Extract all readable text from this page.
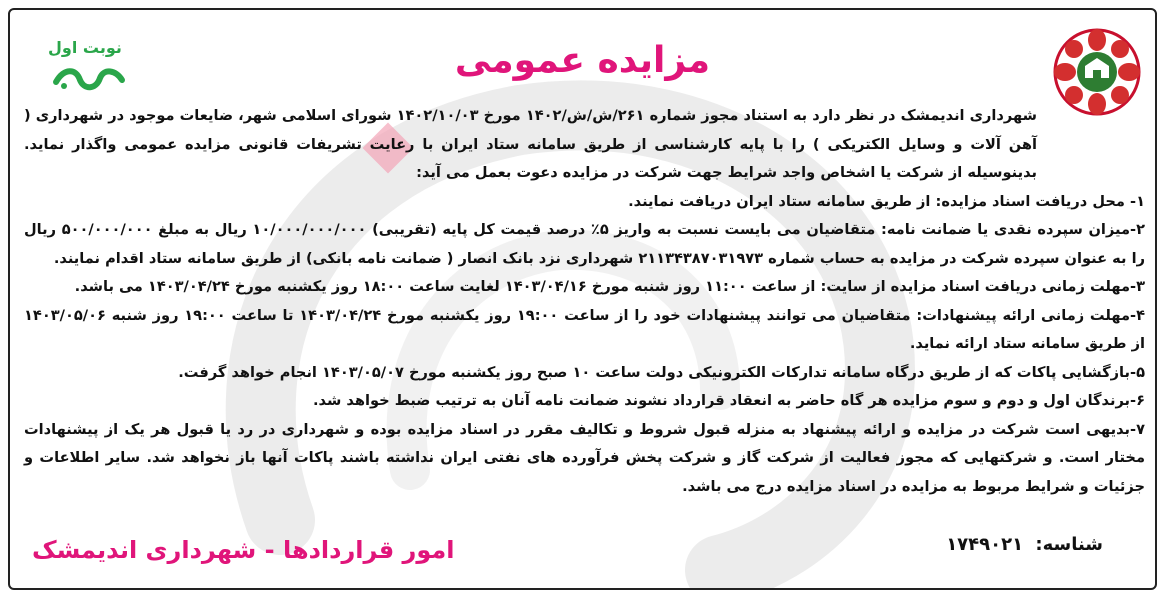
نوبت اول	مزایده عمومی

شهرداری اندیمشک در نظر دارد به استناد مجوز شماره ۲۶۱/ش/ش/۱۴۰۲ مورخ ۱۴۰۲/۱۰/۰۳ شورای اسلامی شهر، ضایعات موجود در شهرداری ( آهن آلات و وسایل الکتریکی ) را با پایه کارشناسی از طریق سامانه ستاد ایران با رعایت تشریفات قانونی مزایده عمومی واگذار نماید. بدینوسیله از شرکت یا اشخاص واجد شرایط جهت شرکت در مزایده دعوت بعمل می آید:

۱- محل دریافت اسناد مزایده: از طریق سامانه ستاد ایران دریافت نمایند.

۲-میزان سپرده نقدی یا ضمانت نامه: متقاضیان می بایست نسبت به واریز ۵٪ درصد قیمت کل پایه (تقریبی) ۱۰/۰۰۰/۰۰۰/۰۰۰ ریال به مبلغ ۵۰۰/۰۰۰/۰۰۰ ریال را به عنوان سپرده شرکت در مزایده به حساب شماره ۲۱۱۳۴۳۸۷۰۳۱۹۷۳ شهرداری نزد بانک انصار ( ضمانت نامه بانکی) از طریق سامانه ستاد اقدام نمایند.

۳-مهلت زمانی دریافت اسناد مزایده از سایت: از ساعت ۱۱:۰۰ روز شنبه مورخ ۱۴۰۳/۰۴/۱۶ لغایت ساعت ۱۸:۰۰ روز یکشنبه مورخ ۱۴۰۳/۰۴/۲۴ می باشد.

۴-مهلت زمانی ارائه پیشنهادات: متقاضیان می توانند پیشنهادات خود را از ساعت ۱۹:۰۰ روز یکشنبه مورخ ۱۴۰۳/۰۴/۲۴ تا ساعت ۱۹:۰۰ روز شنبه ۱۴۰۳/۰۵/۰۶ از طریق سامانه ستاد ارائه نماید.

۵-بازگشایی پاکات که از طریق درگاه سامانه تدارکات الکترونیکی دولت ساعت ۱۰ صبح روز یکشنبه مورخ ۱۴۰۳/۰۵/۰۷ انجام خواهد گرفت.

۶-برندگان اول و دوم و سوم مزایده هر گاه حاضر به انعقاد قرارداد نشوند ضمانت نامه آنان به ترتیب ضبط خواهد شد.

۷-بدیهی است شرکت در مزایده و ارائه پیشنهاد به منزله قبول شروط و تکالیف مقرر در اسناد مزایده بوده و شهرداری در رد یا قبول هر یک از پیشنهادات مختار است. و شرکتهایی که مجوز فعالیت از شرکت گاز و شرکت پخش فرآورده های نفتی ایران نداشته باشند پاکات آنها باز نخواهد شد. سایر اطلاعات و جزئیات و شرایط مربوط به مزایده در اسناد مزایده درج می باشد.

شناسه: ۱۷۴۹۰۲۱
امور قراردادها - شهرداری اندیمشک
